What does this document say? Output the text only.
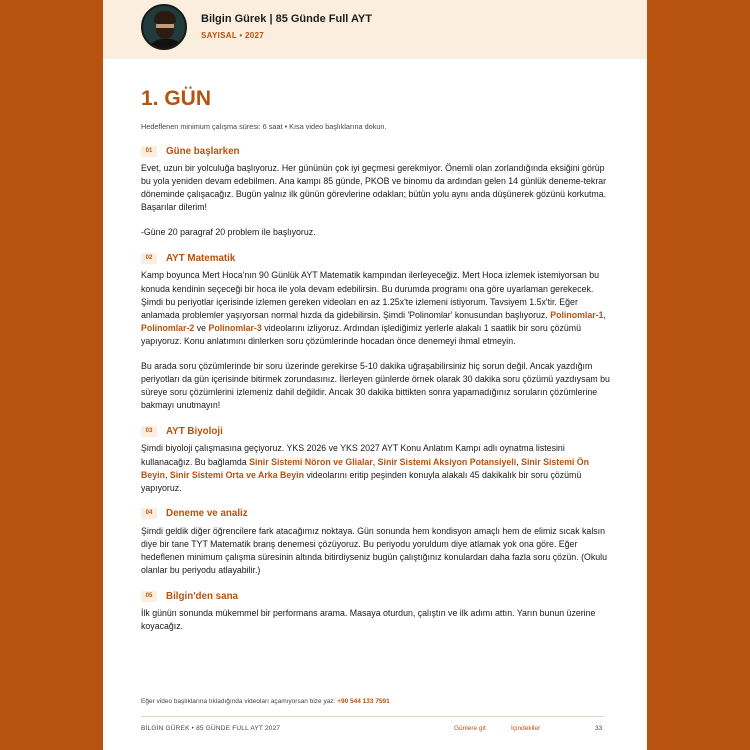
Bilgin Gürek | 85 Günde Full AYT
SAYISAL • 2027
1. GÜN
Hedeflenen minimum çalışma süresi: 6 saat • Kısa video başlıklarına dokun.
01	Güne başlarken

Evet, uzun bir yolculuğa başlıyoruz. Her gününün çok iyi geçmesi gerekmiyor. Önemli olan zorlandığında eksiğini görüp bu yola yeniden devam edebilmen. Ana kampı 85 günde, PKOB ve binomu da ardından gelen 14 günlük deneme-tekrar döneminde çalışacağız. Bugün yalnız ilk günün görevlerine odaklan; bütün yolu aynı anda düşünerek gözünü korkutma. Başarılar dilerim!

-Güne 20 paragraf 20 problem ile başlıyoruz.

02	AYT Matematik

Kamp boyunca Mert Hoca'nın 90 Günlük AYT Matematik kampından ilerleyeceğiz. Mert Hoca izlemek istemiyorsan bu konuda kendinin seçeceği bir hoca ile yola devam edebilirsin. Bu durumda programı ona göre uyarlaman gerekecek. Şimdi bu periyotlar içerisinde izlemen gereken videoları en az 1.25x'te izlemeni istiyorum. Tavsiyem 1.5x'tir. Eğer anlamada problemler yaşıyorsan normal hızda da gidebilirsin. Şimdi 'Polinomlar' konusundan başlıyoruz. Polinomlar-1, Polinomlar-2 ve Polinomlar-3 videolarını izliyoruz. Ardından işlediğimiz yerlerle alakalı 1 saatlik bir soru çözümü yapıyoruz. Konu anlatımını dinlerken soru çözümlerinde hocadan önce denemeyi ihmal etmeyin.

Bu arada soru çözümlerinde bir soru üzerinde gerekirse 5-10 dakika uğraşabilirsiniz hiç sorun değil. Ancak yazdığım periyotları da gün içerisinde bitirmek zorundasınız. İlerleyen günlerde örnek olarak 30 dakika soru çözümü yazdıysam bu süreye soru çözümlerini izlemeniz dahil değildir. Ancak 30 dakika bittikten sonra yapamadığınız soruların çözümlerine bakmayı unutmayın!

03	AYT Biyoloji

Şimdi biyoloji çalışmasına geçiyoruz. YKS 2026 ve YKS 2027 AYT Konu Anlatım Kampı adlı oynatma listesini kullanacağız. Bu bağlamda Sinir Sistemi Nöron ve Glialar, Sinir Sistemi Aksiyon Potansiyeli, Sinir Sistemi Ön Beyin, Sinir Sistemi Orta ve Arka Beyin videolarını eritip peşinden konuyla alakalı 45 dakikalık bir soru çözümü yapıyoruz.

04	Deneme ve analiz

Şimdi geldik diğer öğrencilere fark atacağımız noktaya. Gün sonunda hem kondisyon amaçlı hem de elimiz sıcak kalsın diye bir tane TYT Matematik branş denemesi çözüyoruz. Bu periyodu yoruldum diye atlamak yok ona göre. Eğer hedeflenen minimum çalışma süresinin altında bitirdiyseniz bugün çalıştığınız konulardan daha fazla soru çözün. (Okulu olanlar bu periyodu atlayabilir.)

05	Bilgin'den sana

İlk günün sonunda mükemmel bir performans arama. Masaya oturdun, çalıştın ve ilk adımı attın. Yarın bunun üzerine koyacağız.

Eğer video başlıklarına tıkladığında videoları açamıyorsan bize yaz: +90 544 133 7591
BİLGİN GÜREK • 85 GÜNDE FULL AYT 2027	Günlere git	İçindekiler	33
